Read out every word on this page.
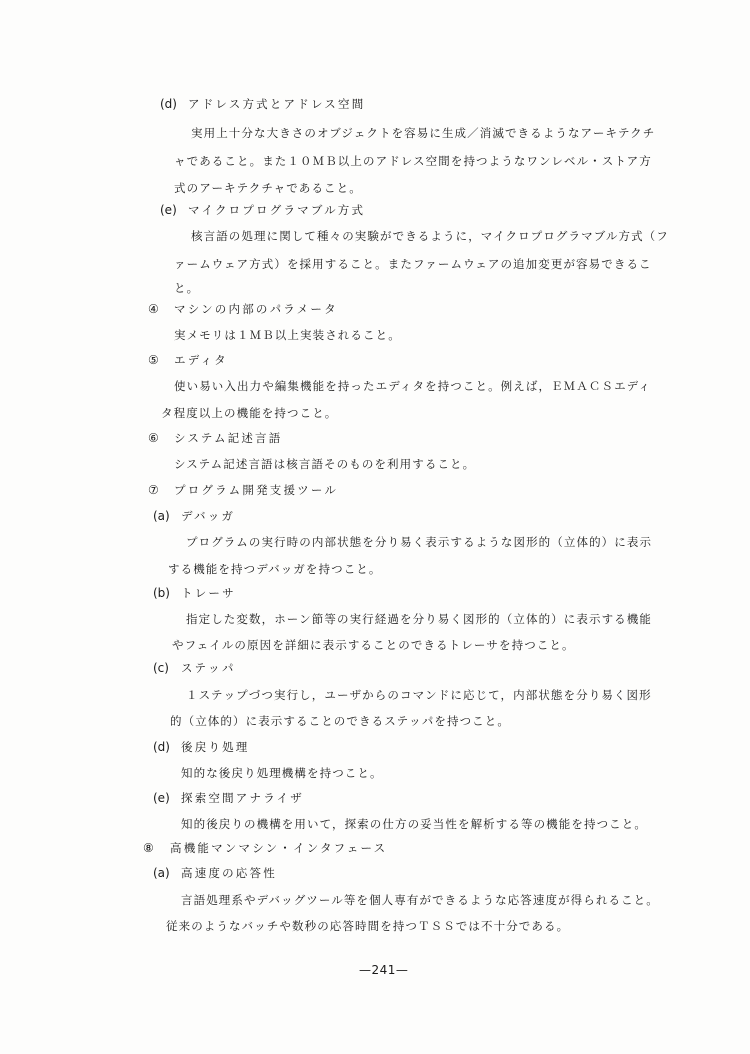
(d) アドレス方式とアドレス空間
実用上十分な大きさのオブジェクトを容易に生成／消滅できるようなアーキテクチ
ャであること。また１０ＭＢ以上のアドレス空間を持つようなワンレベル・ストア方
式のアーキテクチャであること。
(e) マイクロプログラマブル方式
核言語の処理に関して種々の実験ができるように，マイクロプログラマブル方式（フ
ァームウェア方式）を採用すること。またファームウェアの追加変更が容易できるこ
と。
④ マシンの内部のパラメータ
実メモリは１ＭＢ以上実装されること。
⑤ エディタ
使い易い入出力や編集機能を持ったエディタを持つこと。例えば，ＥＭＡＣＳエディ
タ程度以上の機能を持つこと。
⑥ システム記述言語
システム記述言語は核言語そのものを利用すること。
⑦ プログラム開発支援ツール
(a) デバッガ
プログラムの実行時の内部状態を分り易く表示するような図形的（立体的）に表示
する機能を持つデバッガを持つこと。
(b) トレーサ
指定した変数，ホーン節等の実行経過を分り易く図形的（立体的）に表示する機能
やフェイルの原因を詳細に表示することのできるトレーサを持つこと。
(c) ステッパ
１ステップづつ実行し，ユーザからのコマンドに応じて，内部状態を分り易く図形
的（立体的）に表示することのできるステッパを持つこと。
(d) 後戻り処理
知的な後戻り処理機構を持つこと。
(e) 探索空間アナライザ
知的後戻りの機構を用いて，探索の仕方の妥当性を解析する等の機能を持つこと。
⑧ 高機能マンマシン・インタフェース
(a) 高速度の応答性
言語処理系やデバッグツール等を個人専有ができるような応答速度が得られること。
従来のようなバッチや数秒の応答時間を持つＴＳＳでは不十分である。
—241—
